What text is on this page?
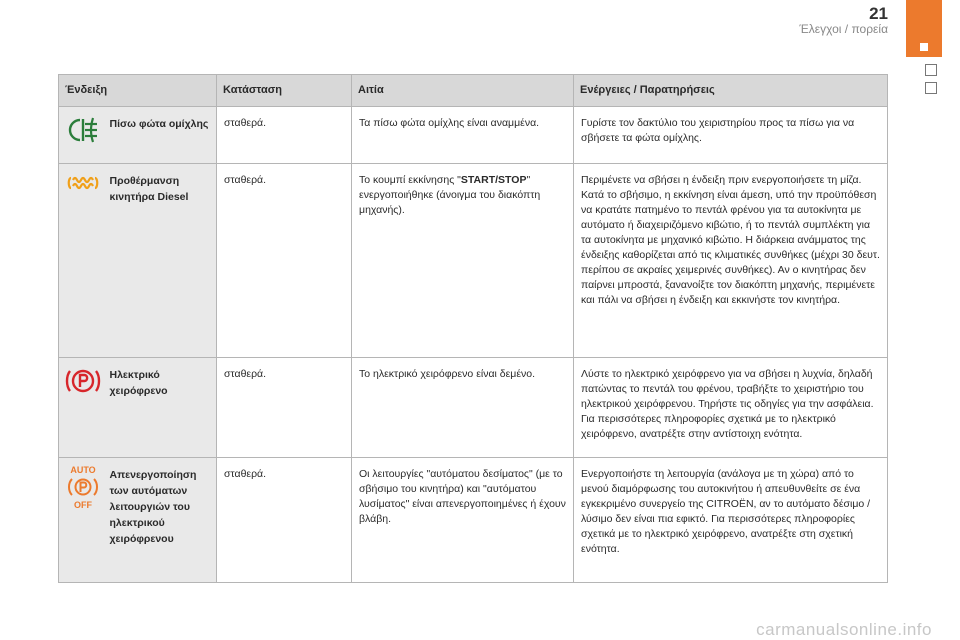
21
Έλεγχοι / πορεία
Ένδειξη		Κατάσταση	Αιτία	Ενέργειες / Παρατηρήσεις

	Πίσω φώτα ομίχλης	σταθερά.	Τα πίσω φώτα ομίχλης είναι αναμμένα.	Γυρίστε τον δακτύλιο του χειριστηρίου προς τα πίσω για να σβήσετε τα φώτα ομίχλης.

	Προθέρμανση κινητήρα Diesel	σταθερά.	Το κουμπί εκκίνησης "START/STOP" ενεργοποιήθηκε (άνοιγμα του διακόπτη μηχανής).	Περιμένετε να σβήσει η ένδειξη πριν ενεργοποιήσετε τη μίζα. Κατά το σβήσιμο, η εκκίνηση είναι άμεση, υπό την προϋπόθεση να κρατάτε πατημένο το πεντάλ φρένου για τα αυτοκίνητα με αυτόματο ή διαχειριζόμενο κιβώτιο, ή το πεντάλ συμπλέκτη για τα αυτοκίνητα με μηχανικό κιβώτιο. Η διάρκεια ανάμματος της ένδειξης καθορίζεται από τις κλιματικές συνθήκες (μέχρι 30 δευτ. περίπου σε ακραίες χειμερινές συνθήκες). Αν ο κινητήρας δεν παίρνει μπροστά, ξανανοίξτε τον διακόπτη μηχανής, περιμένετε και πάλι να σβήσει η ένδειξη και εκκινήστε τον κινητήρα.

	Ηλεκτρικό χειρόφρενο	σταθερά.	Το ηλεκτρικό χειρόφρενο είναι δεμένο.	Λύστε το ηλεκτρικό χειρόφρενο για να σβήσει η λυχνία, δηλαδή πατώντας το πεντάλ του φρένου, τραβήξτε το χειριστήριο του ηλεκτρικού χειρόφρενου. Τηρήστε τις οδηγίες για την ασφάλεια. Για περισσότερες πληροφορίες σχετικά με το ηλεκτρικό χειρόφρενο, ανατρέξτε στην αντίστοιχη ενότητα.

AUTO
OFF	Απενεργοποίηση των αυτόματων λειτουργιών του ηλεκτρικού χειρόφρενου	σταθερά.	Οι λειτουργίες "αυτόματου δεσίματος" (με το σβήσιμο του κινητήρα) και "αυτόματου λυσίματος" είναι απενεργοποιημένες ή έχουν βλάβη.	Ενεργοποιήστε τη λειτουργία (ανάλογα με τη χώρα) από το μενού διαμόρφωσης του αυτοκινήτου ή απευθυνθείτε σε ένα εγκεκριμένο συνεργείο της CITROËN, αν το αυτόματο δέσιμο / λύσιμο δεν είναι πια εφικτό. Για περισσότερες πληροφορίες σχετικά με το ηλεκτρικό χειρόφρενο, ανατρέξτε στη σχετική ενότητα.
carmanualsonline.info
